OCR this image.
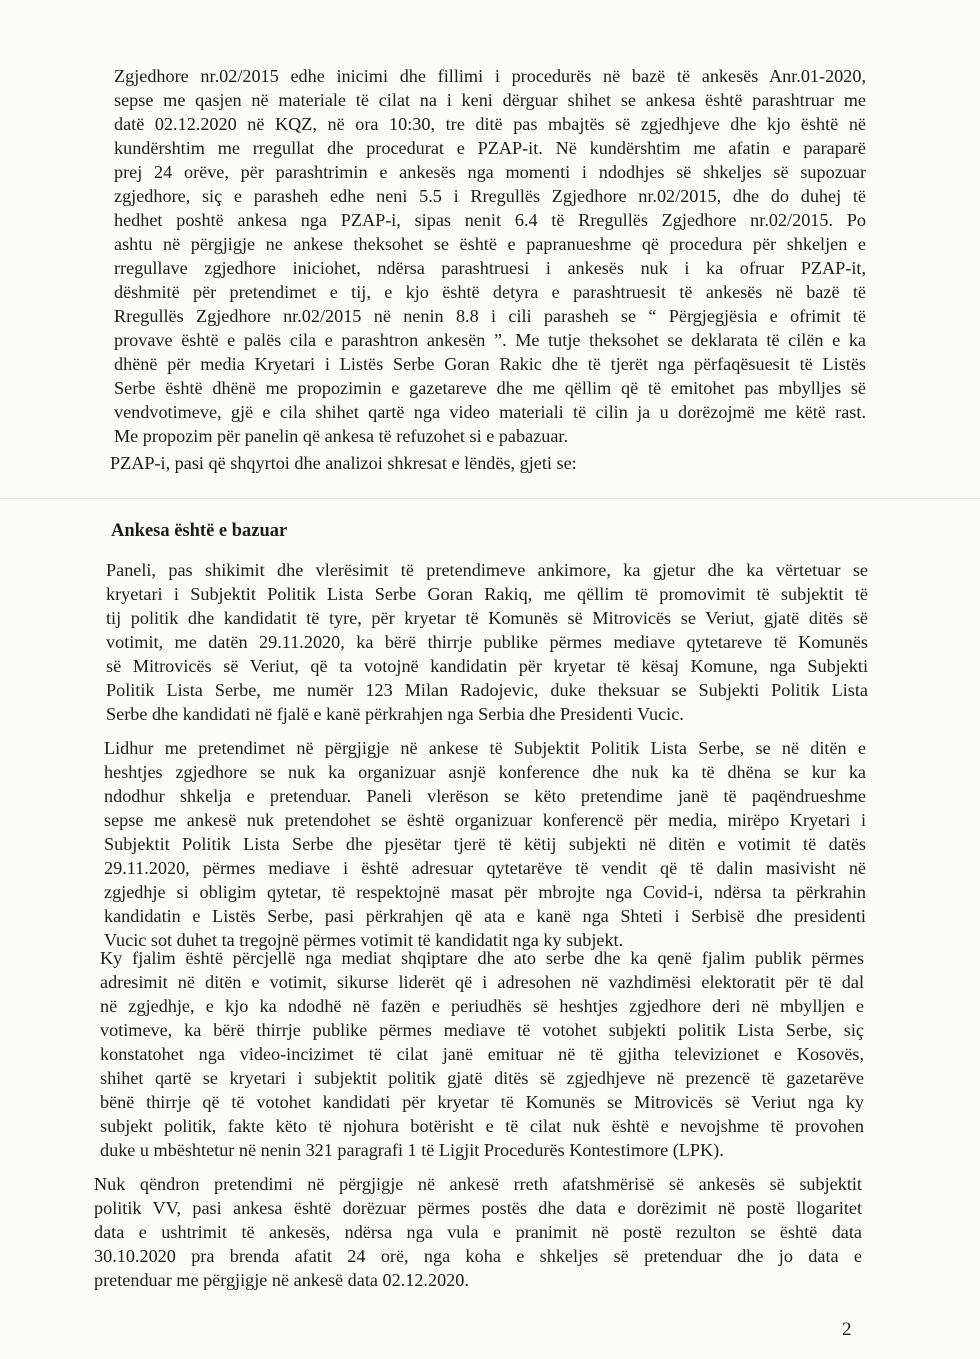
Zgjedhore nr.02/2015 edhe inicimi dhe fillimi i procedurës në bazë të ankesës Anr.01-2020,
sepse me qasjen në materiale të cilat na i keni dërguar shihet se ankesa është parashtruar me
datë 02.12.2020 në KQZ, në ora 10:30, tre ditë pas mbajtës së zgjedhjeve dhe kjo është në
kundërshtim me rregullat dhe procedurat e PZAP-it. Në kundërshtim me afatin e paraparë
prej 24 orëve, për parashtrimin e ankesës nga momenti i ndodhjes së shkeljes së supozuar
zgjedhore, siç e parasheh edhe neni 5.5 i Rregullës Zgjedhore nr.02/2015, dhe do duhej të
hedhet poshtë ankesa nga PZAP-i, sipas nenit 6.4 të Rregullës Zgjedhore nr.02/2015. Po
ashtu në përgjigje ne ankese theksohet se është e papranueshme që procedura për shkeljen e
rregullave zgjedhore iniciohet, ndërsa parashtruesi i ankesës nuk i ka ofruar PZAP-it,
dëshmitë për pretendimet e tij, e kjo është detyra e parashtruesit të ankesës në bazë të
Rregullës Zgjedhore nr.02/2015 në nenin 8.8 i cili parasheh se “ Përgjegjësia e ofrimit të
provave është e palës cila e parashtron ankesën ”. Me tutje theksohet se deklarata të cilën e ka
dhënë për media Kryetari i Listës Serbe Goran Rakic dhe të tjerët nga përfaqësuesit të Listës
Serbe është dhënë me propozimin e gazetareve dhe me qëllim që të emitohet pas mbylljes së
vendvotimeve, gjë e cila shihet qartë nga video materiali të cilin ja u dorëzojmë me këtë rast.
Me propozim për panelin që ankesa të refuzohet si e pabazuar.
PZAP-i, pasi që shqyrtoi dhe analizoi shkresat e lëndës, gjeti se:
Ankesa është e bazuar
Paneli, pas shikimit dhe vlerësimit të pretendimeve ankimore, ka gjetur dhe ka vërtetuar se
kryetari i Subjektit Politik Lista Serbe Goran Rakiq, me qëllim të promovimit të subjektit të
tij politik dhe kandidatit të tyre, për kryetar të Komunës së Mitrovicës se Veriut, gjatë ditës së
votimit, me datën 29.11.2020, ka bërë thirrje publike përmes mediave qytetareve të Komunës
së Mitrovicës së Veriut, që ta votojnë kandidatin për kryetar të kësaj Komune, nga Subjekti
Politik Lista Serbe, me numër 123 Milan Radojevic, duke theksuar se Subjekti Politik Lista
Serbe dhe kandidati në fjalë e kanë përkrahjen nga Serbia dhe Presidenti Vucic.
Lidhur me pretendimet në përgjigje në ankese të Subjektit Politik Lista Serbe, se në ditën e
heshtjes zgjedhore se nuk ka organizuar asnjë konference dhe nuk ka të dhëna se kur ka
ndodhur shkelja e pretenduar. Paneli vlerëson se këto pretendime janë të paqëndrueshme
sepse me ankesë nuk pretendohet se është organizuar konferencë për media, mirëpo Kryetari i
Subjektit Politik Lista Serbe dhe pjesëtar tjerë të këtij subjekti në ditën e votimit të datës
29.11.2020, përmes mediave i është adresuar qytetarëve të vendit që të dalin masivisht në
zgjedhje si obligim qytetar, të respektojnë masat për mbrojte nga Covid-i, ndërsa ta përkrahin
kandidatin e Listës Serbe, pasi përkrahjen që ata e kanë nga Shteti i Serbisë dhe presidenti
Vucic sot duhet ta tregojnë përmes votimit të kandidatit nga ky subjekt.
Ky fjalim është përcjellë nga mediat shqiptare dhe ato serbe dhe ka qenë fjalim publik përmes
adresimit në ditën e votimit, sikurse liderët që i adresohen në vazhdimësi elektoratit për të dal
në zgjedhje, e kjo ka ndodhë në fazën e periudhës së heshtjes zgjedhore deri në mbylljen e
votimeve, ka bërë thirrje publike përmes mediave të votohet subjekti politik Lista Serbe, siç
konstatohet nga video-incizimet të cilat janë emituar në të gjitha televizionet e Kosovës,
shihet qartë se kryetari i subjektit politik gjatë ditës së zgjedhjeve në prezencë të gazetarëve
bënë thirrje që të votohet kandidati për kryetar të Komunës se Mitrovicës së Veriut nga ky
subjekt politik, fakte këto të njohura botërisht e të cilat nuk është e nevojshme të provohen
duke u mbështetur në nenin 321 paragrafi 1 të Ligjit Procedurës Kontestimore (LPK).
Nuk qëndron pretendimi në përgjigje në ankesë rreth afatshmërisë së ankesës së subjektit
politik VV, pasi ankesa është dorëzuar përmes postës dhe data e dorëzimit në postë llogaritet
data e ushtrimit të ankesës, ndërsa nga vula e pranimit në postë rezulton se është data
30.10.2020 pra brenda afatit 24 orë, nga koha e shkeljes së pretenduar dhe jo data e
pretenduar me përgjigje në ankesë data 02.12.2020.
2
